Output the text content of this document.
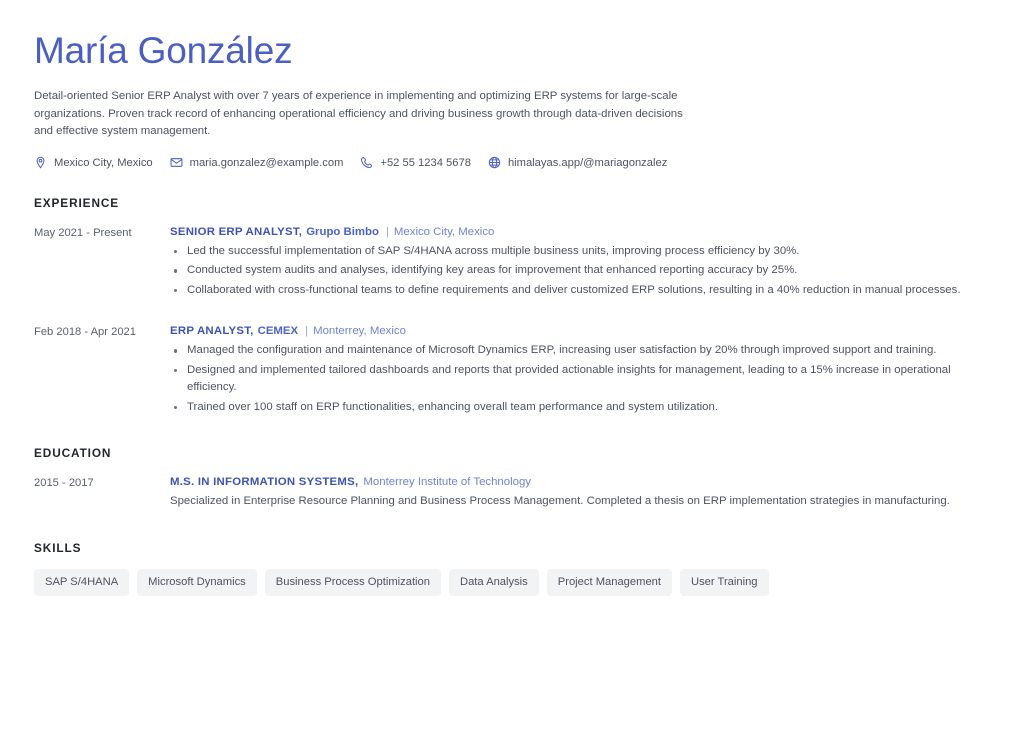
María González

Detail-oriented Senior ERP Analyst with over 7 years of experience in implementing and optimizing ERP systems for large-scale organizations. Proven track record of enhancing operational efficiency and driving business growth through data-driven decisions and effective system management.

Mexico City, Mexico	maria.gonzalez@example.com	+52 55 1234 5678	himalayas.app/@mariagonzalez
EXPERIENCE
May 2021 - Present	SENIOR ERP ANALYST, Grupo Bimbo | Mexico City, Mexico
Led the successful implementation of SAP S/4HANA across multiple business units, improving process efficiency by 30%.
Conducted system audits and analyses, identifying key areas for improvement that enhanced reporting accuracy by 25%.
Collaborated with cross-functional teams to define requirements and deliver customized ERP solutions, resulting in a 40% reduction in manual processes.
Feb 2018 - Apr 2021	ERP ANALYST, CEMEX | Monterrey, Mexico
Managed the configuration and maintenance of Microsoft Dynamics ERP, increasing user satisfaction by 20% through improved support and training.
Designed and implemented tailored dashboards and reports that provided actionable insights for management, leading to a 15% increase in operational efficiency.
Trained over 100 staff on ERP functionalities, enhancing overall team performance and system utilization.
EDUCATION
2015 - 2017	M.S. IN INFORMATION SYSTEMS, Monterrey Institute of Technology

Specialized in Enterprise Resource Planning and Business Process Management. Completed a thesis on ERP implementation strategies in manufacturing.

SKILLS
SAP S/4HANA	Microsoft Dynamics	Business Process Optimization	Data Analysis	Project Management	User Training
